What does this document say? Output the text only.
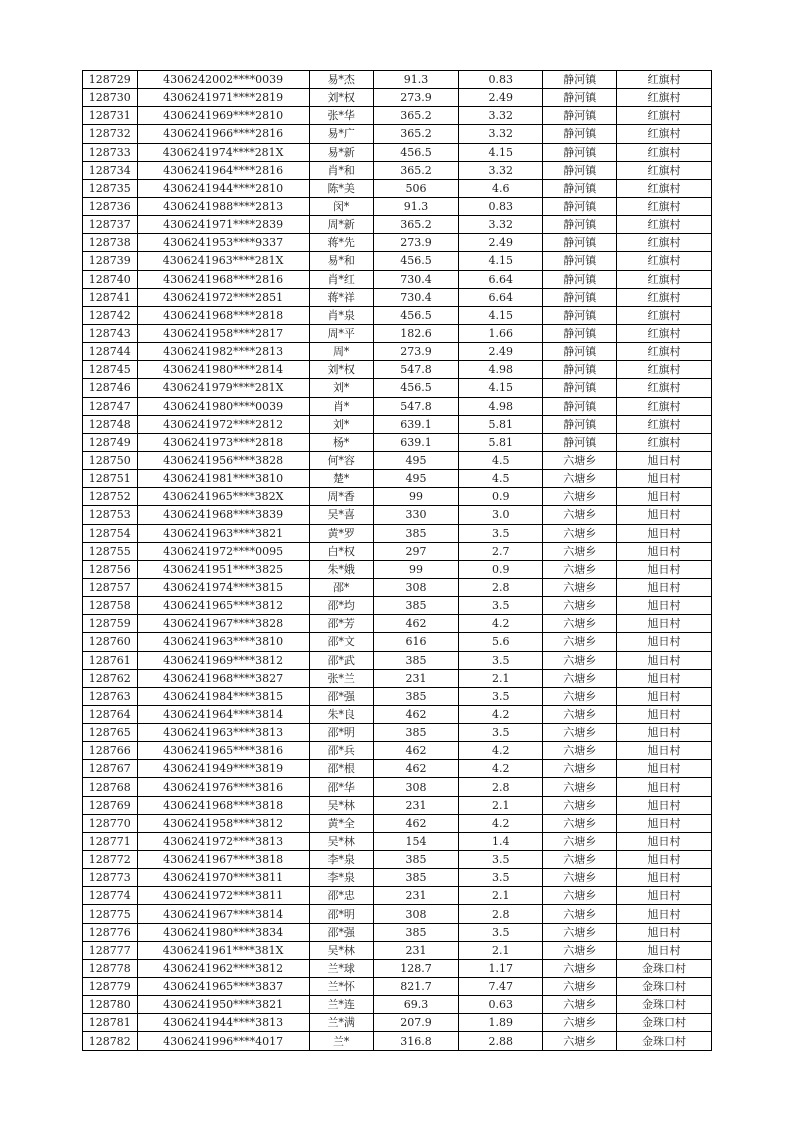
128729	4306242002****0039	易*杰	91.3	0.83	静河镇	红旗村
128730	4306241971****2819	刘*权	273.9	2.49	静河镇	红旗村
128731	4306241969****2810	张*华	365.2	3.32	静河镇	红旗村
128732	4306241966****2816	易*广	365.2	3.32	静河镇	红旗村
128733	4306241974****281X	易*新	456.5	4.15	静河镇	红旗村
128734	4306241964****2816	肖*和	365.2	3.32	静河镇	红旗村
128735	4306241944****2810	陈*美	506	4.6	静河镇	红旗村
128736	4306241988****2813	闵*	91.3	0.83	静河镇	红旗村
128737	4306241971****2839	周*新	365.2	3.32	静河镇	红旗村
128738	4306241953****9337	蒋*先	273.9	2.49	静河镇	红旗村
128739	4306241963****281X	易*和	456.5	4.15	静河镇	红旗村
128740	4306241968****2816	肖*红	730.4	6.64	静河镇	红旗村
128741	4306241972****2851	蒋*祥	730.4	6.64	静河镇	红旗村
128742	4306241968****2818	肖*泉	456.5	4.15	静河镇	红旗村
128743	4306241958****2817	周*平	182.6	1.66	静河镇	红旗村
128744	4306241982****2813	周*	273.9	2.49	静河镇	红旗村
128745	4306241980****2814	刘*权	547.8	4.98	静河镇	红旗村
128746	4306241979****281X	刘*	456.5	4.15	静河镇	红旗村
128747	4306241980****0039	肖*	547.8	4.98	静河镇	红旗村
128748	4306241972****2812	刘*	639.1	5.81	静河镇	红旗村
128749	4306241973****2818	杨*	639.1	5.81	静河镇	红旗村
128750	4306241956****3828	何*容	495	4.5	六塘乡	旭日村
128751	4306241981****3810	楚*	495	4.5	六塘乡	旭日村
128752	4306241965****382X	周*香	99	0.9	六塘乡	旭日村
128753	4306241968****3839	吴*喜	330	3.0	六塘乡	旭日村
128754	4306241963****3821	黄*罗	385	3.5	六塘乡	旭日村
128755	4306241972****0095	白*权	297	2.7	六塘乡	旭日村
128756	4306241951****3825	朱*娥	99	0.9	六塘乡	旭日村
128757	4306241974****3815	邵*	308	2.8	六塘乡	旭日村
128758	4306241965****3812	邵*均	385	3.5	六塘乡	旭日村
128759	4306241967****3828	邵*芳	462	4.2	六塘乡	旭日村
128760	4306241963****3810	邵*文	616	5.6	六塘乡	旭日村
128761	4306241969****3812	邵*武	385	3.5	六塘乡	旭日村
128762	4306241968****3827	张*兰	231	2.1	六塘乡	旭日村
128763	4306241984****3815	邵*强	385	3.5	六塘乡	旭日村
128764	4306241964****3814	朱*良	462	4.2	六塘乡	旭日村
128765	4306241963****3813	邵*明	385	3.5	六塘乡	旭日村
128766	4306241965****3816	邵*兵	462	4.2	六塘乡	旭日村
128767	4306241949****3819	邵*根	462	4.2	六塘乡	旭日村
128768	4306241976****3816	邵*华	308	2.8	六塘乡	旭日村
128769	4306241968****3818	吴*林	231	2.1	六塘乡	旭日村
128770	4306241958****3812	黄*全	462	4.2	六塘乡	旭日村
128771	4306241972****3813	吴*林	154	1.4	六塘乡	旭日村
128772	4306241967****3818	李*泉	385	3.5	六塘乡	旭日村
128773	4306241970****3811	李*泉	385	3.5	六塘乡	旭日村
128774	4306241972****3811	邵*忠	231	2.1	六塘乡	旭日村
128775	4306241967****3814	邵*明	308	2.8	六塘乡	旭日村
128776	4306241980****3834	邵*强	385	3.5	六塘乡	旭日村
128777	4306241961****381X	吴*林	231	2.1	六塘乡	旭日村
128778	4306241962****3812	兰*球	128.7	1.17	六塘乡	金珠口村
128779	4306241965****3837	兰*怀	821.7	7.47	六塘乡	金珠口村
128780	4306241950****3821	兰*连	69.3	0.63	六塘乡	金珠口村
128781	4306241944****3813	兰*满	207.9	1.89	六塘乡	金珠口村
128782	4306241996****4017	兰*	316.8	2.88	六塘乡	金珠口村
